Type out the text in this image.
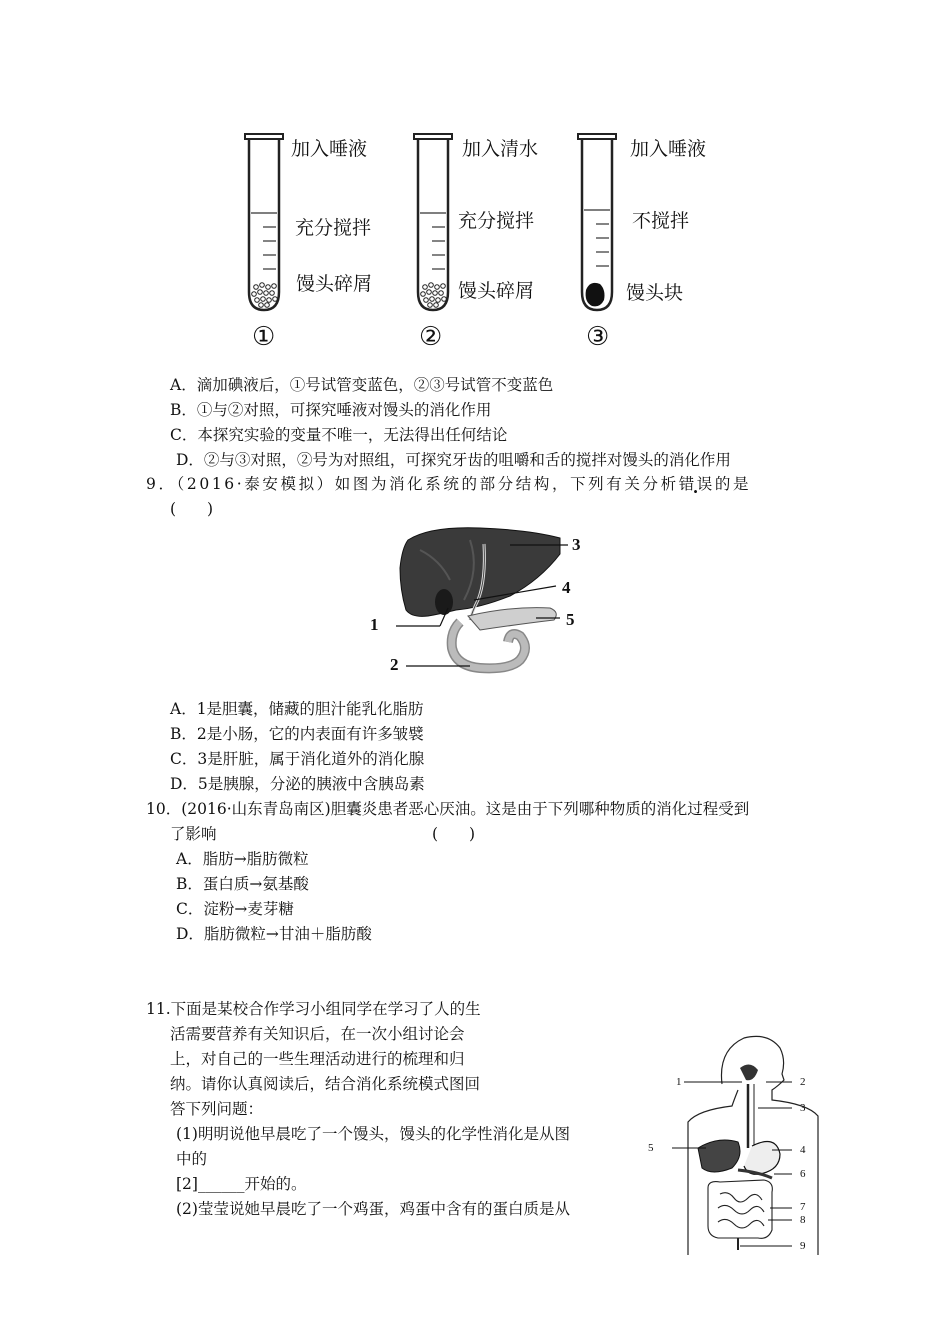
加入唾液
充分搅拌
馒头碎屑
①
加入清水
充分搅拌
馒头碎屑
②
加入唾液
不搅拌
馒头块
③
A．滴加碘液后，①号试管变蓝色，②③号试管不变蓝色
B．①与②对照，可探究唾液对馒头的消化作用
C．本探究实验的变量不唯一，无法得出任何结论
D．②与③对照，②号为对照组，可探究牙齿的咀嚼和舌的搅拌对馒头的消化作用
9．（2016·泰安模拟）如图为消化系统的部分结构，下列有关分析错误的是
(　　)
1
2
3
4
5
A．1是胆囊，储藏的胆汁能乳化脂肪
B．2是小肠，它的内表面有许多皱襞
C．3是肝脏，属于消化道外的消化腺
D．5是胰腺，分泌的胰液中含胰岛素
10．(2016·山东青岛南区)胆囊炎患者恶心厌油。这是由于下列哪种物质的消化过程受到
了影响	(　　)
A．脂肪→脂肪微粒
B．蛋白质→氨基酸
C．淀粉→麦芽糖
D．脂肪微粒→甘油＋脂肪酸
11.下面是某校合作学习小组同学在学习了人的生
活需要营养有关知识后，在一次小组讨论会
上，对自己的一些生理活动进行的梳理和归
纳。请你认真阅读后，结合消化系统模式图回
答下列问题：
(1)明明说他早晨吃了一个馒头，馒头的化学性消化是从图
中的
[2]______开始的。
(2)莹莹说她早晨吃了一个鸡蛋，鸡蛋中含有的蛋白质是从
1	2
3
4
5
6
7
8
9
